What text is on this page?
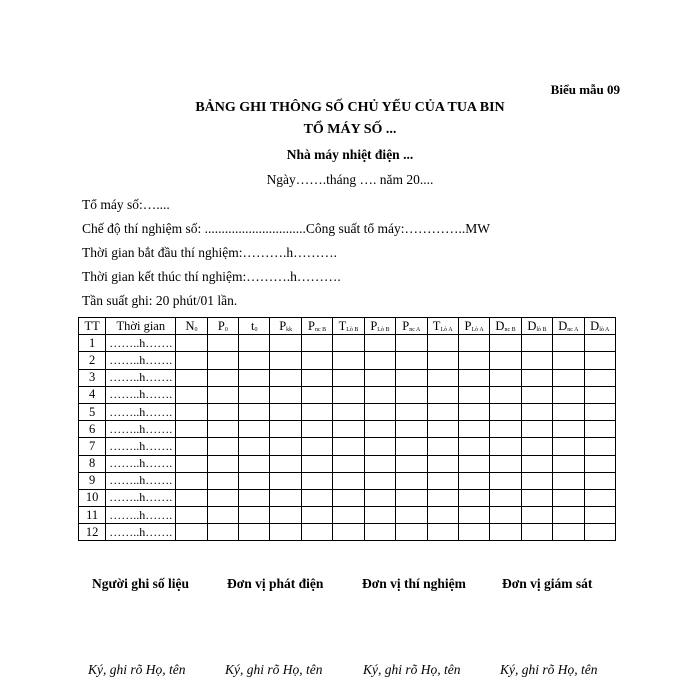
Biểu mẫu 09
BẢNG GHI THÔNG SỐ CHỦ YẾU CỦA TUA BIN
TỔ MÁY SỐ ...
Nhà máy nhiệt điện ...
Ngày…….tháng …. năm 20....
Tổ máy số:…....
Chế độ thí nghiệm số: ..............................Công suất tổ máy:…………..MW
Thời gian bắt đầu thí nghiệm:……….h……….
Thời gian kết thúc thí nghiệm:……….h……….
Tần suất ghi: 20 phút/01 lần.
TT	Thời gian	$N_0$	$P_0$	$t_0$	$P_{kk}$	$P_{nc B}$	$T_{Lò B}$	$P_{Lò B}$	$P_{nc A}$	$T_{Lò A}$	$P_{Lò A}$	$D_{nc B}$	$D_{lò B}$	$D_{nc A}$	$D_{lò A}$
1	……..h…….														
2	……..h…….														
3	……..h…….														
4	……..h…….														
5	……..h…….														
6	……..h…….														
7	……..h…….														
8	……..h…….														
9	……..h…….														
10	……..h…….														
11	……..h…….														
12	……..h…….														
Người ghi số liệu	Đơn vị phát điện	Đơn vị thí nghiệm	Đơn vị giám sát
Ký, ghi rõ Họ, tên	Ký, ghi rõ Họ, tên	Ký, ghi rõ Họ, tên	Ký, ghi rõ Họ, tên
